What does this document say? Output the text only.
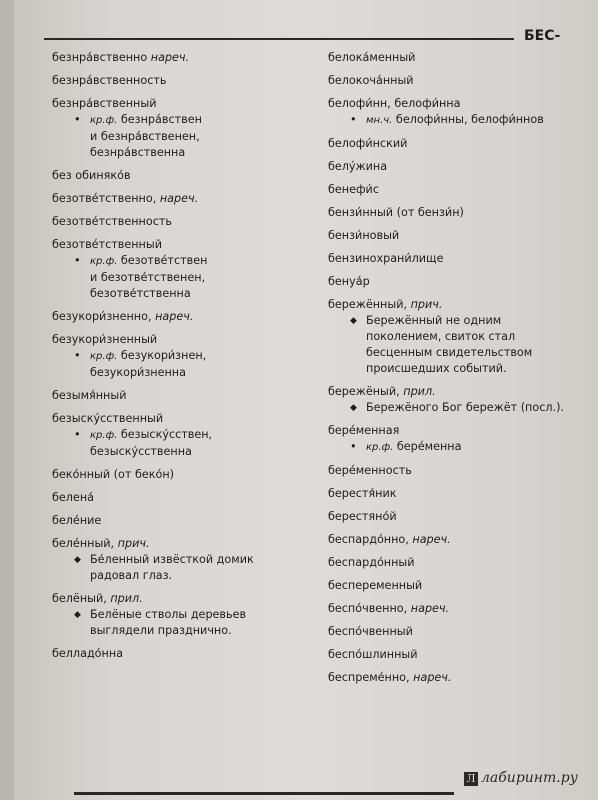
БЕС-
безнра́вственно нареч.
безнра́вственность
безнра́вственный
• кр.ф. безнра́вствен
и безнра́вственен,
безнра́вственна
без обиняко́в
безотве́тственно, нареч.
безотве́тственность
безотве́тственный
• кр.ф. безотве́тствен
и безотве́тственен,
безотве́тственна
безукори́зненно, нареч.
безукори́зненный
• кр.ф. безукори́знен,
безукори́зненна
безымя́нный
безыску́сственный
• кр.ф. безыску́сствен,
безыску́сственна
беко́нный (от беко́н)
белена́
беле́ние
беле́нный, прич.
◆ Бе́ленный извёсткой домик
радовал глаз.
белёный, прил.
◆ Белёные стволы деревьев
выглядели празднично.
белладо́нна
белока́менный
белокоча́нный
белофи́нн, белофи́нна
• мн.ч. белофи́нны, белофи́ннов
белофи́нский
белу́жина
бенефи́с
бензи́нный (от бензи́н)
бензи́новый
бензинохрани́лище
бенуа́р
бережённый, прич.
◆ Бережённый не одним
поколением, свиток стал
бесценным свидетельством
происшедших событий.
бережёный, прил.
◆ Бережёного Бог бережёт (посл.).
бере́менная
• кр.ф. бере́менна
бере́менность
берестя́ник
берестяно́й
беспардо́нно, нареч.
беспардо́нный
беспеременный
беспо́чвенно, нареч.
беспо́чвенный
беспо́шлинный
беспреме́нно, нареч.
Л лабиринт.ру
